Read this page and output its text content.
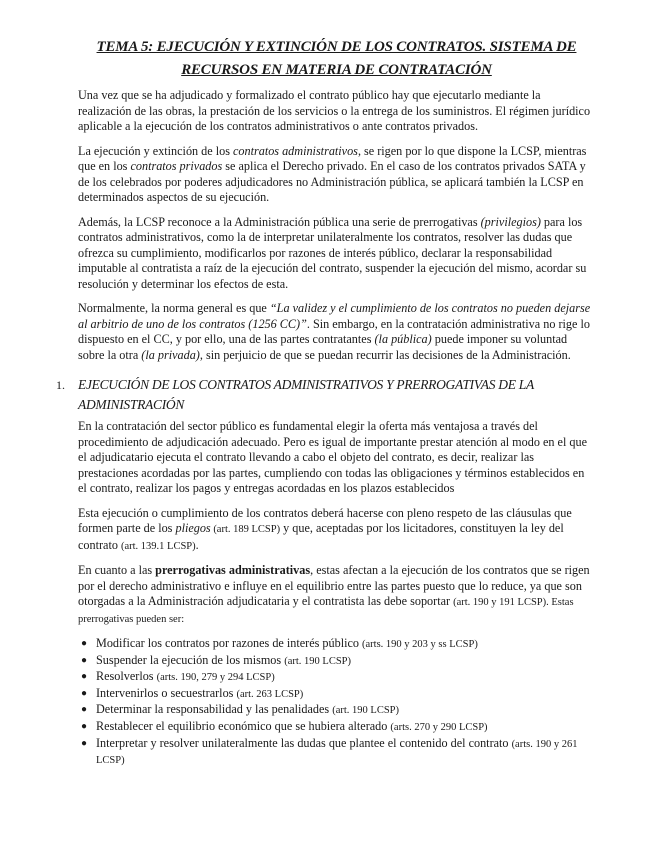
TEMA 5: EJECUCIÓN Y EXTINCIÓN DE LOS CONTRATOS. SISTEMA DE RECURSOS EN MATERIA DE CONTRATACIÓN

Una vez que se ha adjudicado y formalizado el contrato público hay que ejecutarlo mediante la realización de las obras, la prestación de los servicios o la entrega de los suministros. El régimen jurídico aplicable a la ejecución de los contratos administrativos o ante contratos privados.

La ejecución y extinción de los contratos administrativos, se rigen por lo que dispone la LCSP, mientras que en los contratos privados se aplica el Derecho privado. En el caso de los contratos privados SATA y de los celebrados por poderes adjudicadores no Administración pública, se aplicará también la LCSP en determinados aspectos de su ejecución.

Además, la LCSP reconoce a la Administración pública una serie de prerrogativas (privilegios) para los contratos administrativos, como la de interpretar unilateralmente los contratos, resolver las dudas que ofrezca su cumplimiento, modificarlos por razones de interés público, declarar la responsabilidad imputable al contratista a raíz de la ejecución del contrato, suspender la ejecución del mismo, acordar su resolución y determinar los efectos de esta.

Normalmente, la norma general es que “La validez y el cumplimiento de los contratos no pueden dejarse al arbitrio de uno de los contratos (1256 CC)”. Sin embargo, en la contratación administrativa no rige lo dispuesto en el CC, y por ello, una de las partes contratantes (la pública) puede imponer su voluntad sobre la otra (la privada), sin perjuicio de que se puedan recurrir las decisiones de la Administración.

1. EJECUCIÓN DE LOS CONTRATOS ADMINISTRATIVOS Y PRERROGATIVAS DE LA ADMINISTRACIÓN

En la contratación del sector público es fundamental elegir la oferta más ventajosa a través del procedimiento de adjudicación adecuado. Pero es igual de importante prestar atención al modo en el que el adjudicatario ejecuta el contrato llevando a cabo el objeto del contrato, es decir, realizar las prestaciones acordadas por las partes, cumpliendo con todas las obligaciones y términos establecidos en el contrato, realizar los pagos y entregas acordadas en los plazos establecidos

Esta ejecución o cumplimiento de los contratos deberá hacerse con pleno respeto de las cláusulas que formen parte de los pliegos (art. 189 LCSP) y que, aceptadas por los licitadores, constituyen la ley del contrato (art. 139.1 LCSP).

En cuanto a las prerrogativas administrativas, estas afectan a la ejecución de los contratos que se rigen por el derecho administrativo e influye en el equilibrio entre las partes puesto que lo reduce, ya que son otorgadas a la Administración adjudicataria y el contratista las debe soportar (art. 190 y 191 LCSP). Estas prerrogativas pueden ser:

● Modificar los contratos por razones de interés público (arts. 190 y 203 y ss LCSP)
● Suspender la ejecución de los mismos (art. 190 LCSP)
● Resolverlos (arts. 190, 279 y 294 LCSP)
● Intervenirlos o secuestrarlos (art. 263 LCSP)
● Determinar la responsabilidad y las penalidades (art. 190 LCSP)
● Restablecer el equilibrio económico que se hubiera alterado (arts. 270 y 290 LCSP)
● Interpretar y resolver unilateralmente las dudas que plantee el contenido del contrato (arts. 190 y 261 LCSP)
